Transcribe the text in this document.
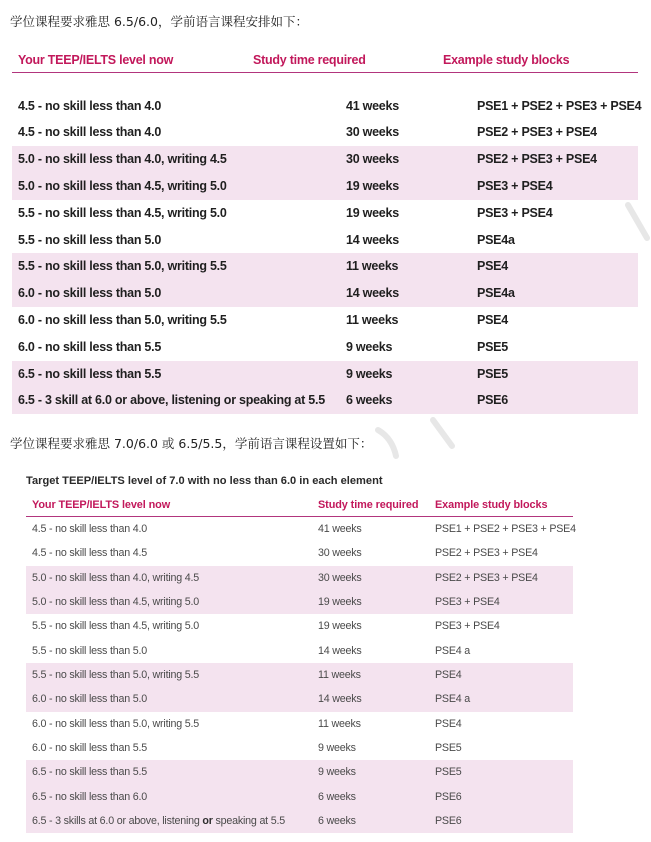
学位课程要求雅思 6.5/6.0，学前语言课程安排如下：
Your TEEP/IELTS level now	Study time required	Example study blocks
4.5 - no skill less than 4.0	41 weeks	PSE1 + PSE2 + PSE3 + PSE4
4.5 - no skill less than 4.0	30 weeks	PSE2 + PSE3 + PSE4
5.0 - no skill less than 4.0, writing 4.5	30 weeks	PSE2 + PSE3 + PSE4
5.0 - no skill less than 4.5, writing 5.0	19 weeks	PSE3 + PSE4
5.5 - no skill less than 4.5, writing 5.0	19 weeks	PSE3 + PSE4
5.5 - no skill less than 5.0	14 weeks	PSE4a
5.5 - no skill less than 5.0, writing 5.5	11 weeks	PSE4
6.0 - no skill less than 5.0	14 weeks	PSE4a
6.0 - no skill less than 5.0, writing 5.5	11 weeks	PSE4
6.0 - no skill less than 5.5	9 weeks	PSE5
6.5 - no skill less than 5.5	9 weeks	PSE5
6.5 - 3 skill at 6.0 or above, listening or speaking at 5.5	6 weeks	PSE6
学位课程要求雅思 7.0/6.0 或 6.5/5.5，学前语言课程设置如下：
Target TEEP/IELTS level of 7.0 with no less than 6.0 in each element
Your TEEP/IELTS level now	Study time required	Example study blocks
4.5 - no skill less than 4.0	41 weeks	PSE1 + PSE2 + PSE3 + PSE4
4.5 - no skill less than 4.5	30 weeks	PSE2 + PSE3 + PSE4
5.0 - no skill less than 4.0, writing 4.5	30 weeks	PSE2 + PSE3 + PSE4
5.0 - no skill less than 4.5, writing 5.0	19 weeks	PSE3 + PSE4
5.5 - no skill less than 4.5, writing 5.0	19 weeks	PSE3 + PSE4
5.5 - no skill less than 5.0	14 weeks	PSE4 a
5.5 - no skill less than 5.0, writing 5.5	11 weeks	PSE4
6.0 - no skill less than 5.0	14 weeks	PSE4 a
6.0 - no skill less than 5.0, writing 5.5	11 weeks	PSE4
6.0 - no skill less than 5.5	9 weeks	PSE5
6.5 - no skill less than 5.5	9 weeks	PSE5
6.5 - no skill less than 6.0	6 weeks	PSE6
6.5 - 3 skills at 6.0 or above, listening or speaking at 5.5	6 weeks	PSE6
